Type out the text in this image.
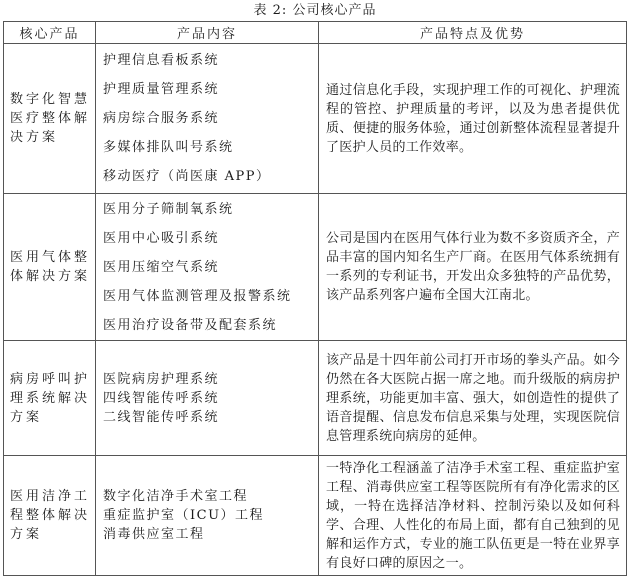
表 2: 公司核心产品
核心产品	产品内容	产品特点及优势
数字化智慧医疗整体解决方案	护理信息看板系统
护理质量管理系统
病房综合服务系统
多媒体排队叫号系统
移动医疗（尚医康 APP）	通过信息化手段，实现护理工作的可视化、护理流程的管控、护理质量的考评，以及为患者提供优质、便捷的服务体验，通过创新整体流程显著提升了医护人员的工作效率。
医用气体整体解决方案	医用分子筛制氧系统
医用中心吸引系统
医用压缩空气系统
医用气体监测管理及报警系统
医用治疗设备带及配套系统	公司是国内在医用气体行业为数不多资质齐全，产品丰富的国内知名生产厂商。在医用气体系统拥有一系列的专利证书，开发出众多独特的产品优势，该产品系列客户遍布全国大江南北。
病房呼叫护理系统解决方案	医院病房护理系统
四线智能传呼系统
二线智能传呼系统	该产品是十四年前公司打开市场的拳头产品。如今仍然在各大医院占据一席之地。而升级版的病房护理系统，功能更加丰富、强大，如创造性的提供了语音提醒、信息发布信息采集与处理，实现医院信息管理系统向病房的延伸。
医用洁净工程整体解决方案	数字化洁净手术室工程
重症监护室（ICU）工程
消毒供应室工程	一特净化工程涵盖了洁净手术室工程、重症监护室工程、消毒供应室工程等医院所有有净化需求的区域，一特在选择洁净材料、控制污染以及如何科学、合理、人性化的布局上面，都有自己独到的见解和运作方式，专业的施工队伍更是一特在业界享有良好口碑的原因之一。
